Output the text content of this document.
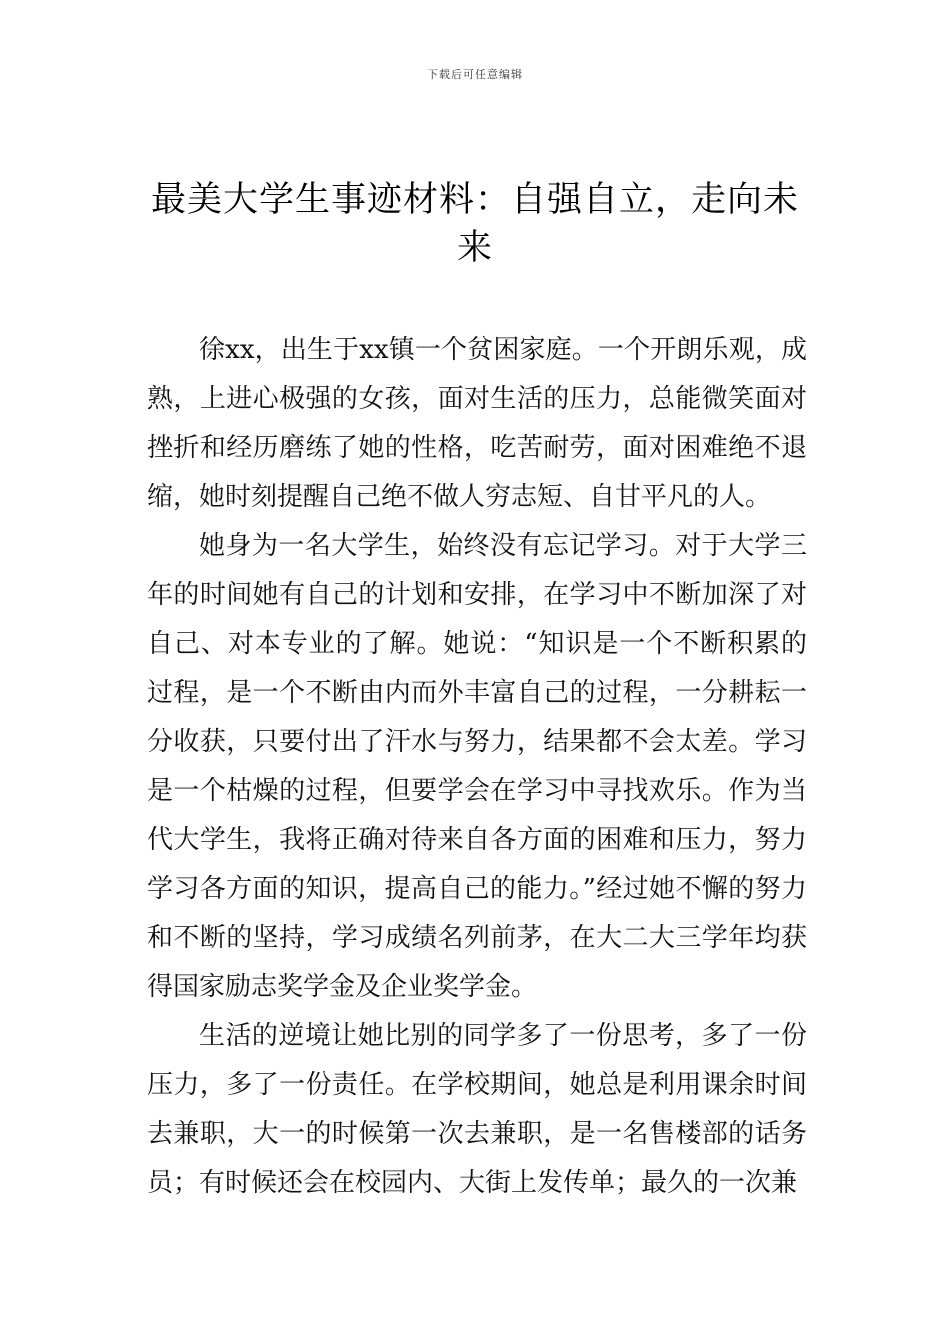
下载后可任意编辑
最美大学生事迹材料：自强自立，走向未来

徐xx，出生于xx镇一个贫困家庭。一个开朗乐观，成熟，上进心极强的女孩，面对生活的压力，总能微笑面对挫折和经历磨练了她的性格，吃苦耐劳，面对困难绝不退缩，她时刻提醒自己绝不做人穷志短、自甘平凡的人。

她身为一名大学生，始终没有忘记学习。对于大学三年的时间她有自己的计划和安排，在学习中不断加深了对自己、对本专业的了解。她说：“知识是一个不断积累的过程，是一个不断由内而外丰富自己的过程，一分耕耘一分收获，只要付出了汗水与努力，结果都不会太差。学习是一个枯燥的过程，但要学会在学习中寻找欢乐。作为当代大学生，我将正确对待来自各方面的困难和压力，努力学习各方面的知识，提高自己的能力。”经过她不懈的努力和不断的坚持，学习成绩名列前茅，在大二大三学年均获得国家励志奖学金及企业奖学金。

生活的逆境让她比别的同学多了一份思考，多了一份压力，多了一份责任。在学校期间，她总是利用课余时间去兼职，大一的时候第一次去兼职，是一名售楼部的话务员；有时候还会在校园内、大街上发传单；最久的一次兼
